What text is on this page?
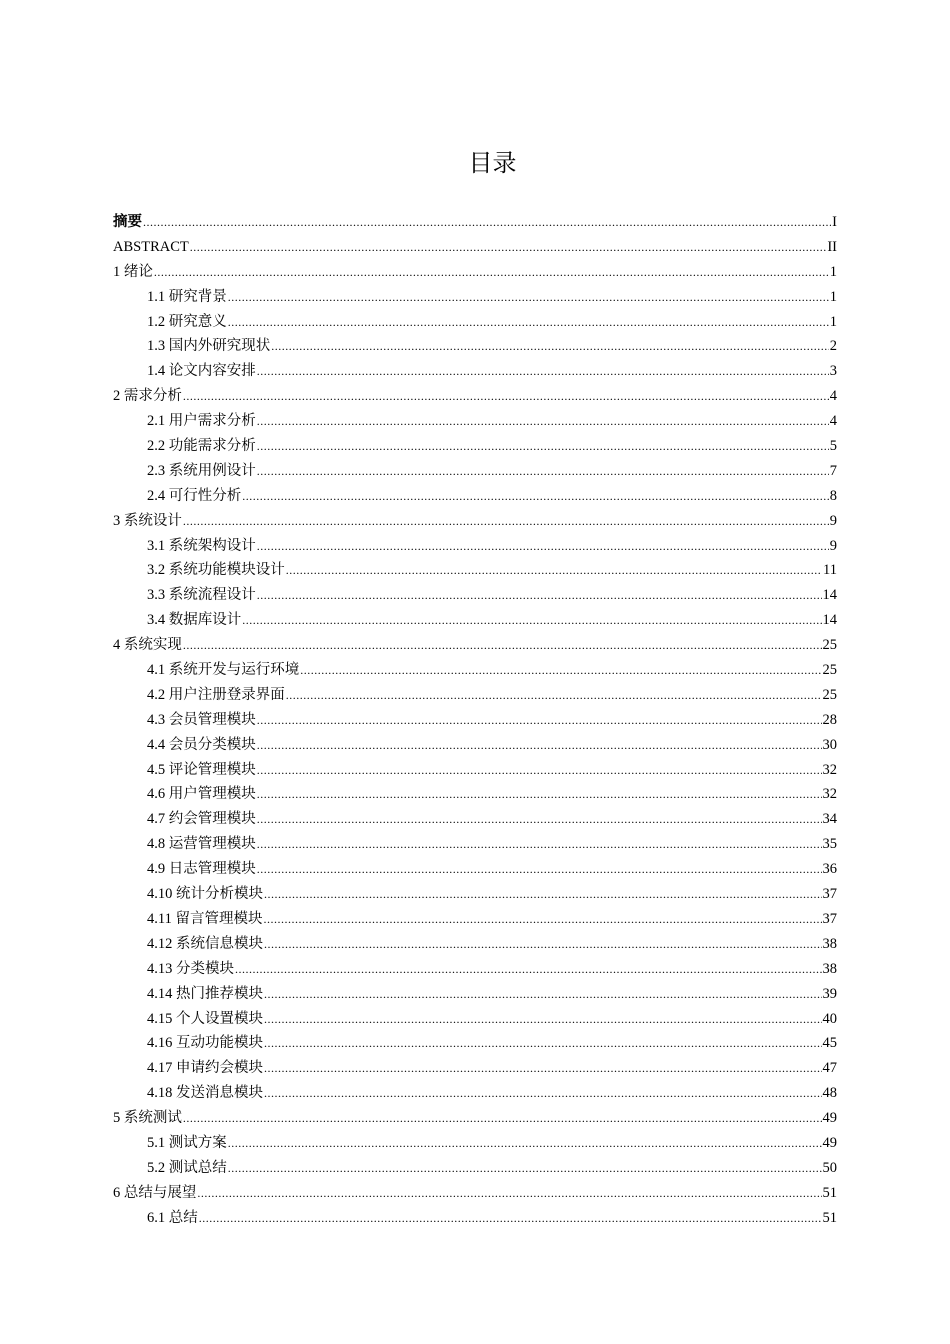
目录
摘要 .....	I
ABSTRACT .....	II
1 绪论 .....	1
1.1 研究背景 .....	1
1.2 研究意义 .....	1
1.3 国内外研究现状 .....	2
1.4 论文内容安排 .....	3
2 需求分析 .....	4
2.1 用户需求分析 .....	4
2.2 功能需求分析 .....	5
2.3 系统用例设计 .....	7
2.4 可行性分析 .....	8
3 系统设计 .....	9
3.1 系统架构设计 .....	9
3.2 系统功能模块设计 .....	11
3.3 系统流程设计 .....	14
3.4 数据库设计 .....	14
4 系统实现 .....	25
4.1 系统开发与运行环境 .....	25
4.2 用户注册登录界面 .....	25
4.3 会员管理模块 .....	28
4.4 会员分类模块 .....	30
4.5 评论管理模块 .....	32
4.6 用户管理模块 .....	32
4.7 约会管理模块 .....	34
4.8 运营管理模块 .....	35
4.9 日志管理模块 .....	36
4.10 统计分析模块 .....	37
4.11 留言管理模块 .....	37
4.12 系统信息模块 .....	38
4.13 分类模块 .....	38
4.14 热门推荐模块 .....	39
4.15 个人设置模块 .....	40
4.16 互动功能模块 .....	45
4.17 申请约会模块 .....	47
4.18 发送消息模块 .....	48
5 系统测试 .....	49
5.1 测试方案 .....	49
5.2 测试总结 .....	50
6 总结与展望 .....	51
6.1 总结 .....	51
